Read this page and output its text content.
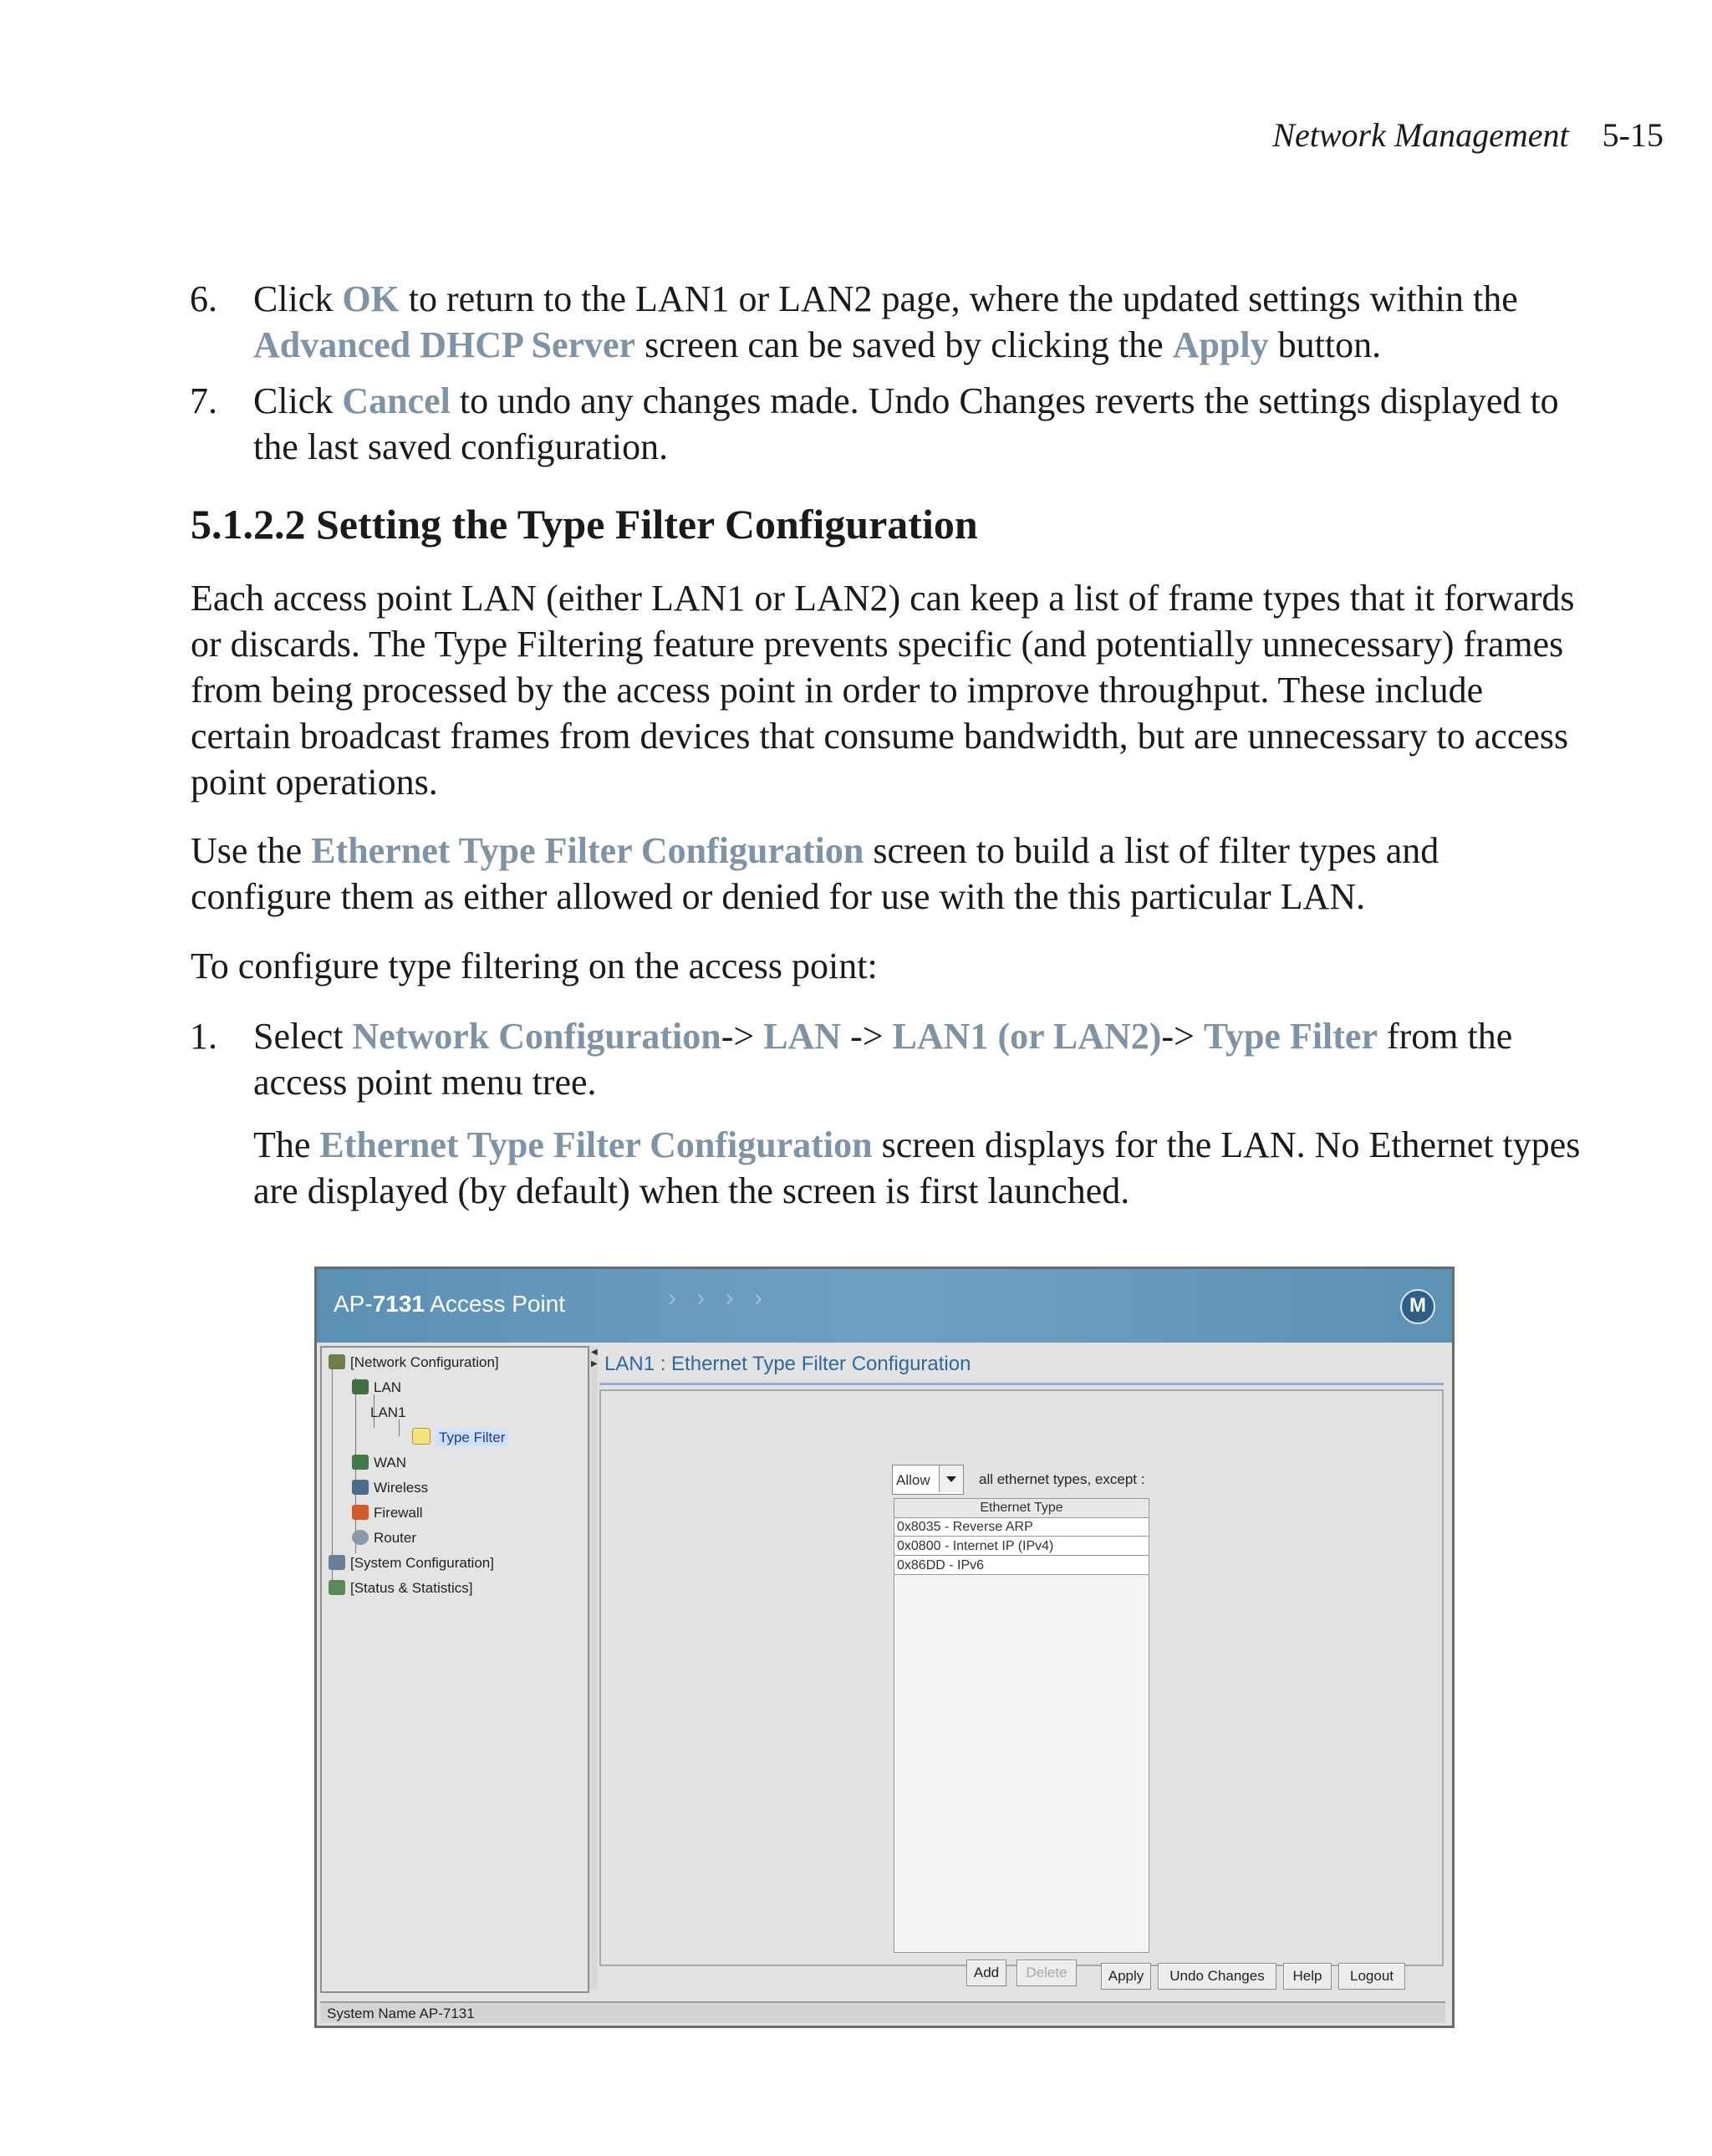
Network Management 5-15
6. Click OK to return to the LAN1 or LAN2 page, where the updated settings within the Advanced DHCP Server screen can be saved by clicking the Apply button.
7. Click Cancel to undo any changes made. Undo Changes reverts the settings displayed to the last saved configuration.
5.1.2.2 Setting the Type Filter Configuration
Each access point LAN (either LAN1 or LAN2) can keep a list of frame types that it forwards or discards. The Type Filtering feature prevents specific (and potentially unnecessary) frames from being processed by the access point in order to improve throughput. These include certain broadcast frames from devices that consume bandwidth, but are unnecessary to access point operations.
Use the Ethernet Type Filter Configuration screen to build a list of filter types and configure them as either allowed or denied for use with the this particular LAN.
To configure type filtering on the access point:
1. Select Network Configuration-> LAN -> LAN1 (or LAN2)-> Type Filter from the access point menu tree.
The Ethernet Type Filter Configuration screen displays for the LAN. No Ethernet types are displayed (by default) when the screen is first launched.
AP-7131 Access Point	› › › ›
M
[Network Configuration]
LAN
LAN1
Type Filter
WAN
Wireless
Firewall
Router
[System Configuration]
[Status & Statistics]
◀
▶ LAN1 : Ethernet Type Filter Configuration
Allow	all ethernet types, except :
Ethernet Type
0x8035 - Reverse ARP
0x0800 - Internet IP (IPv4)
0x86DD - IPv6
Add	Delete	Apply	Undo Changes	Help	Logout
System Name AP-7131
